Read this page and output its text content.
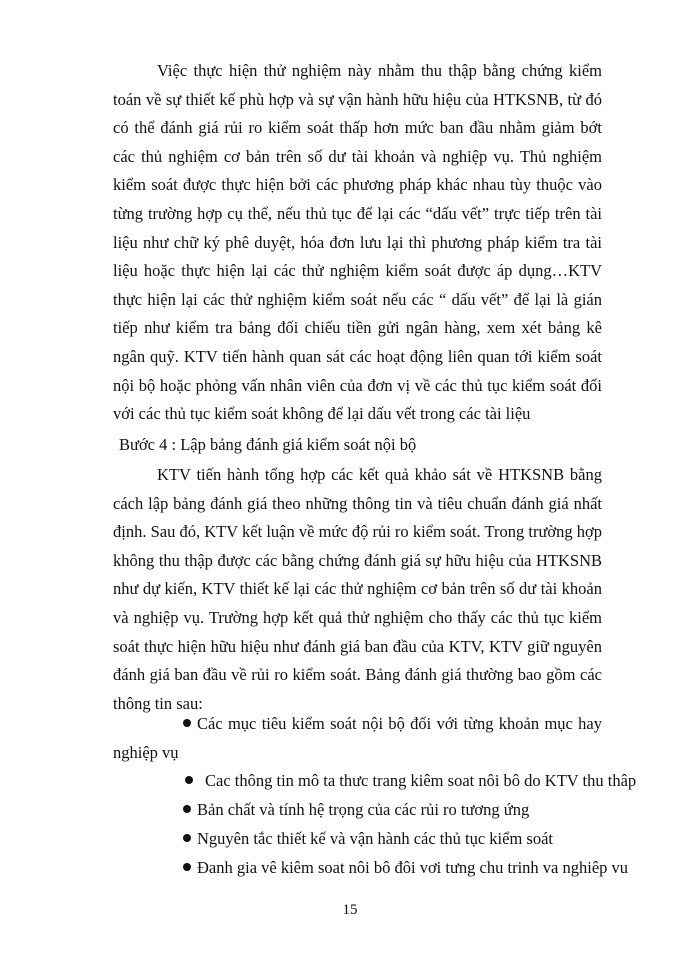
Việc thực hiện thử nghiệm này nhằm thu thập bằng chứng kiểm toán về sự thiết kế phù hợp và sự vận hành hữu hiệu của HTKSNB, từ đó có thể đánh giá rủi ro kiểm soát thấp hơn mức ban đầu nhằm giảm bớt các thủ nghiệm cơ bản trên số dư tài khoản và nghiệp vụ. Thủ nghiệm kiểm soát được thực hiện bởi các phương pháp khác nhau tùy thuộc vào từng trường hợp cụ thể, nếu thủ tục để lại các “dấu vết” trực tiếp trên tài liệu như chữ ký phê duyệt, hóa đơn lưu lại thì phương pháp kiểm tra tài liệu hoặc thực hiện lại các thử nghiệm kiểm soát được áp dụng…KTV thực hiện lại các thử nghiệm kiểm soát nếu các “ dấu vết” để lại là gián tiếp như kiểm tra bảng đối chiếu tiền gửi ngân hàng, xem xét bảng kê ngân quỹ. KTV tiến hành quan sát các hoạt động liên quan tới kiểm soát nội bộ hoặc phỏng vấn nhân viên của đơn vị về các thủ tục kiểm soát đối với các thủ tục kiểm soát không để lại dấu vết trong các tài liệu
Bước 4 : Lập bảng đánh giá kiểm soát nội bộ
KTV tiến hành tổng hợp các kết quả khảo sát về HTKSNB bằng cách lập bảng đánh giá theo những thông tin và tiêu chuẩn đánh giá nhất định. Sau đó, KTV kết luận về mức độ rủi ro kiểm soát. Trong trường hợp không thu thập được các bằng chứng đánh giá sự hữu hiệu của HTKSNB như dự kiến, KTV thiết kế lại các thử nghiệm cơ bản trên số dư tài khoản và nghiệp vụ. Trường hợp kết quả thử nghiệm cho thấy các thủ tục kiểm soát thực hiện hữu hiệu như đánh giá ban đầu của KTV, KTV giữ nguyên đánh giá ban đầu về rủi ro kiểm soát. Bảng đánh giá thường bao gồm các thông tin sau:
Các mục tiêu kiểm soát nội bộ đối với từng khoản mục hay nghiệp vụ
Cac thông tin mô ta thưc trang kiêm soat nôi bô do KTV thu thâp
Bản chất và tính hệ trọng của các rủi ro tương ứng
Nguyên tắc thiết kế và vận hành các thủ tục kiểm soát
Đanh gia vê kiêm soat nôi bô đôi vơi tưng chu trinh va nghiêp vu
15
